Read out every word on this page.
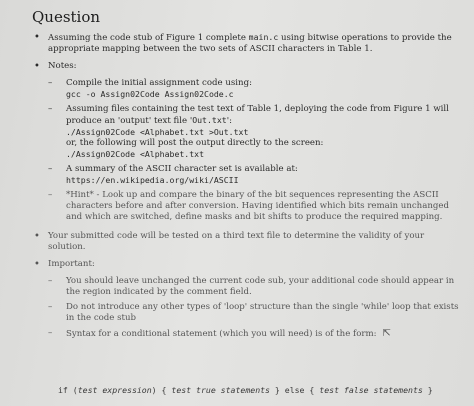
Question
• Assuming the code stub of Figure 1 complete main.c using bitwise operations to provide the appropriate mapping between the two sets of ASCII characters in Table 1.
• Notes:
– Compile the initial assignment code using:
gcc -o Assign02Code Assign02Code.c
– Assuming files containing the test text of Table 1, deploying the code from Figure 1 will produce an 'output' text file 'Out.txt':
./Assign02Code <Alphabet.txt >Out.txt
or, the following will post the output directly to the screen:
./Assign02Code <Alphabet.txt
– A summary of the ASCII character set is available at:
https://en.wikipedia.org/wiki/ASCII
– *Hint* - Look up and compare the binary of the bit sequences representing the ASCII characters before and after conversion. Having identified which bits remain unchanged and which are switched, define masks and bit shifts to produce the required mapping.
• Your submitted code will be tested on a third text file to determine the validity of your solution.
• Important:
– You should leave unchanged the current code sub, your additional code should appear in the region indicated by the comment field.
– Do not introduce any other types of 'loop' structure than the single 'while' loop that exists in the code stub
– Syntax for a conditional statement (which you will need) is of the form: ⇱
if (test expression) { test true statements } else { test false statements }
